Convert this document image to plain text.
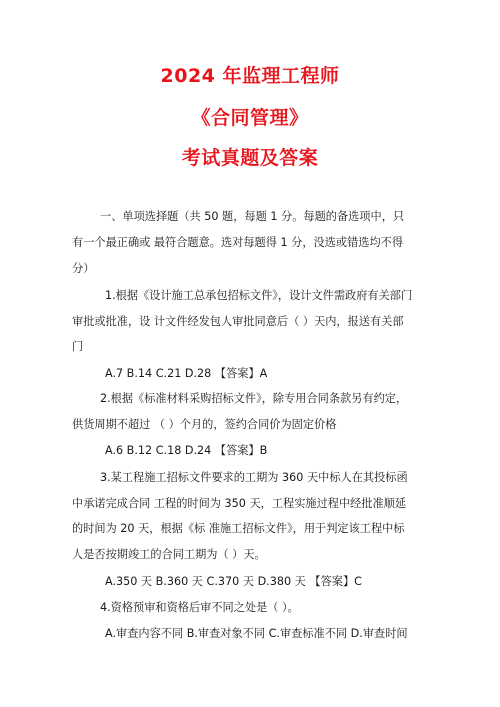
2024 年监理工程师
《合同管理》
考试真题及答案
一、单项选择题（共 50 题，每题 1 分。每题的备选项中，只
有一个最正确或 最符合题意。选对每题得 1 分，没选或错选均不得
分）
1.根据《设计施工总承包招标文件》，设计文件需政府有关部门
审批或批准，设 计文件经发包人审批同意后（ ）天内，报送有关部
门
A.7 B.14 C.21 D.28 【答案】A
2.根据《标准材料采购招标文件》，除专用合同条款另有约定，
供货周期不超过 （ ）个月的，签约合同价为固定价格
A.6 B.12 C.18 D.24 【答案】B
3.某工程施工招标文件要求的工期为 360 天中标人在其投标函
中承诺完成合同 工程的时间为 350 天，工程实施过程中经批准顺延
的时间为 20 天，根据《标 准施工招标文件》，用于判定该工程中标
人是否按期竣工的合同工期为（ ）天。
A.350 天 B.360 天 C.370 天 D.380 天 【答案】C
4.资格预审和资格后审不同之处是（ ）。
A.审查内容不同 B.审查对象不同 C.审查标准不同 D.审查时间
